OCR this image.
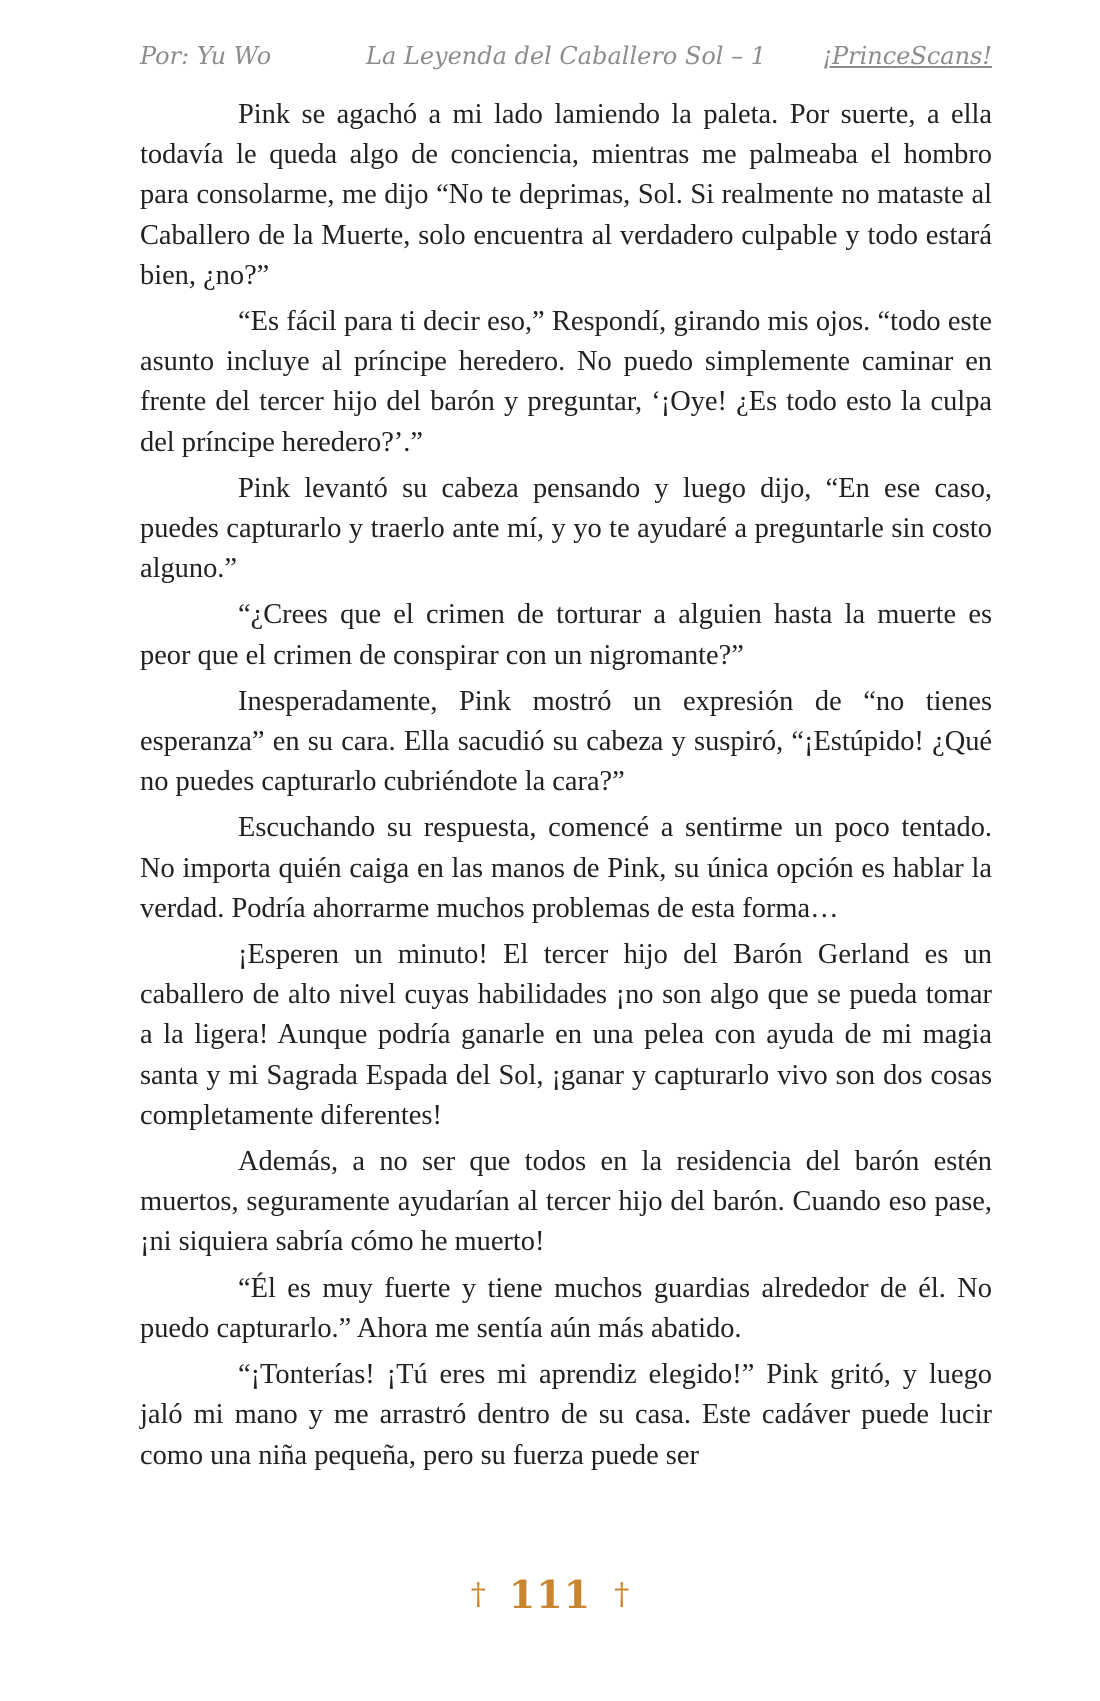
Por: Yu Wo	La Leyenda del Caballero Sol – 1	¡PrinceScans!

Pink se agachó a mi lado lamiendo la paleta. Por suerte, a ella todavía le queda algo de conciencia, mientras me palmeaba el hombro para consolarme, me dijo “No te deprimas, Sol. Si realmente no mataste al Caballero de la Muerte, solo encuentra al verdadero culpable y todo estará bien, ¿no?”

“Es fácil para ti decir eso,” Respondí, girando mis ojos. “todo este asunto incluye al príncipe heredero. No puedo simplemente caminar en frente del tercer hijo del barón y preguntar, ‘¡Oye! ¿Es todo esto la culpa del príncipe heredero?’.”

Pink levantó su cabeza pensando y luego dijo, “En ese caso, puedes capturarlo y traerlo ante mí, y yo te ayudaré a preguntarle sin costo alguno.”

“¿Crees que el crimen de torturar a alguien hasta la muerte es peor que el crimen de conspirar con un nigromante?”

Inesperadamente, Pink mostró un expresión de “no tienes esperanza” en su cara. Ella sacudió su cabeza y suspiró, “¡Estúpido! ¿Qué no puedes capturarlo cubriéndote la cara?”

Escuchando su respuesta, comencé a sentirme un poco tentado. No importa quién caiga en las manos de Pink, su única opción es hablar la verdad. Podría ahorrarme muchos problemas de esta forma…

¡Esperen un minuto! El tercer hijo del Barón Gerland es un caballero de alto nivel cuyas habilidades ¡no son algo que se pueda tomar a la ligera! Aunque podría ganarle en una pelea con ayuda de mi magia santa y mi Sagrada Espada del Sol, ¡ganar y capturarlo vivo son dos cosas completamente diferentes!

Además, a no ser que todos en la residencia del barón estén muertos, seguramente ayudarían al tercer hijo del barón. Cuando eso pase, ¡ni siquiera sabría cómo he muerto!

“Él es muy fuerte y tiene muchos guardias alrededor de él. No puedo capturarlo.” Ahora me sentía aún más abatido.

“¡Tonterías! ¡Tú eres mi aprendiz elegido!” Pink gritó, y luego jaló mi mano y me arrastró dentro de su casa. Este cadáver puede lucir como una niña pequeña, pero su fuerza puede ser

† 111 †
